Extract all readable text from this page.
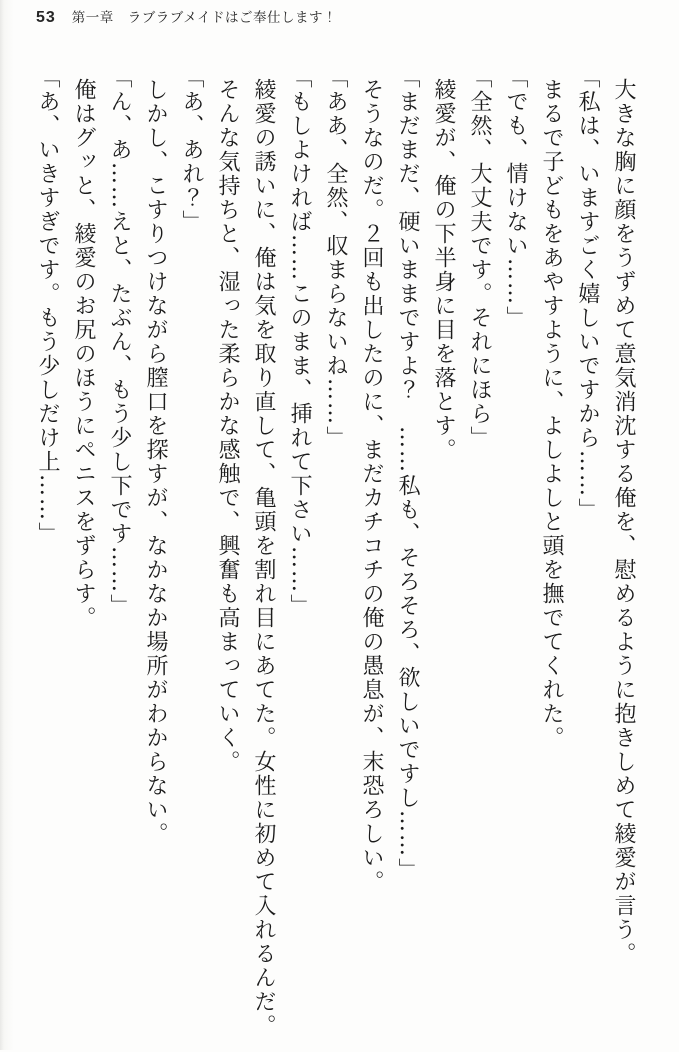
53 第一章　ラブラブメイドはご奉仕します！

大きな胸に顔をうずめて意気消沈する俺を、慰めるように抱きしめて綾愛が言う。

「私は、いますごく嬉しいですから……」

まるで子どもをあやすように、よしよしと頭を撫でてくれた。

「でも、情けない……」

「全然、大丈夫です。それにほら」

綾愛が、俺の下半身に目を落とす。

「まだまだ、硬いままですよ？　……私も、そろそろ、欲しいですし……」

そうなのだ。２回も出したのに、まだカチコチの俺の愚息が、末恐ろしい。

「ああ、全然、収まらないね……」

「もしよければ……このまま、挿れて下さい……」

綾愛の誘いに、俺は気を取り直して、亀頭を割れ目にあてた。女性に初めて入れるんだ。

そんな気持ちと、湿った柔らかな感触で、興奮も高まっていく。

「あ、あれ？」

しかし、こすりつけながら膣口を探すが、なかなか場所がわからない。

「ん、あ……えと、たぶん、もう少し下です……」

俺はグッと、綾愛のお尻のほうにペニスをずらす。

「あ、いきすぎです。もう少しだけ上……」
